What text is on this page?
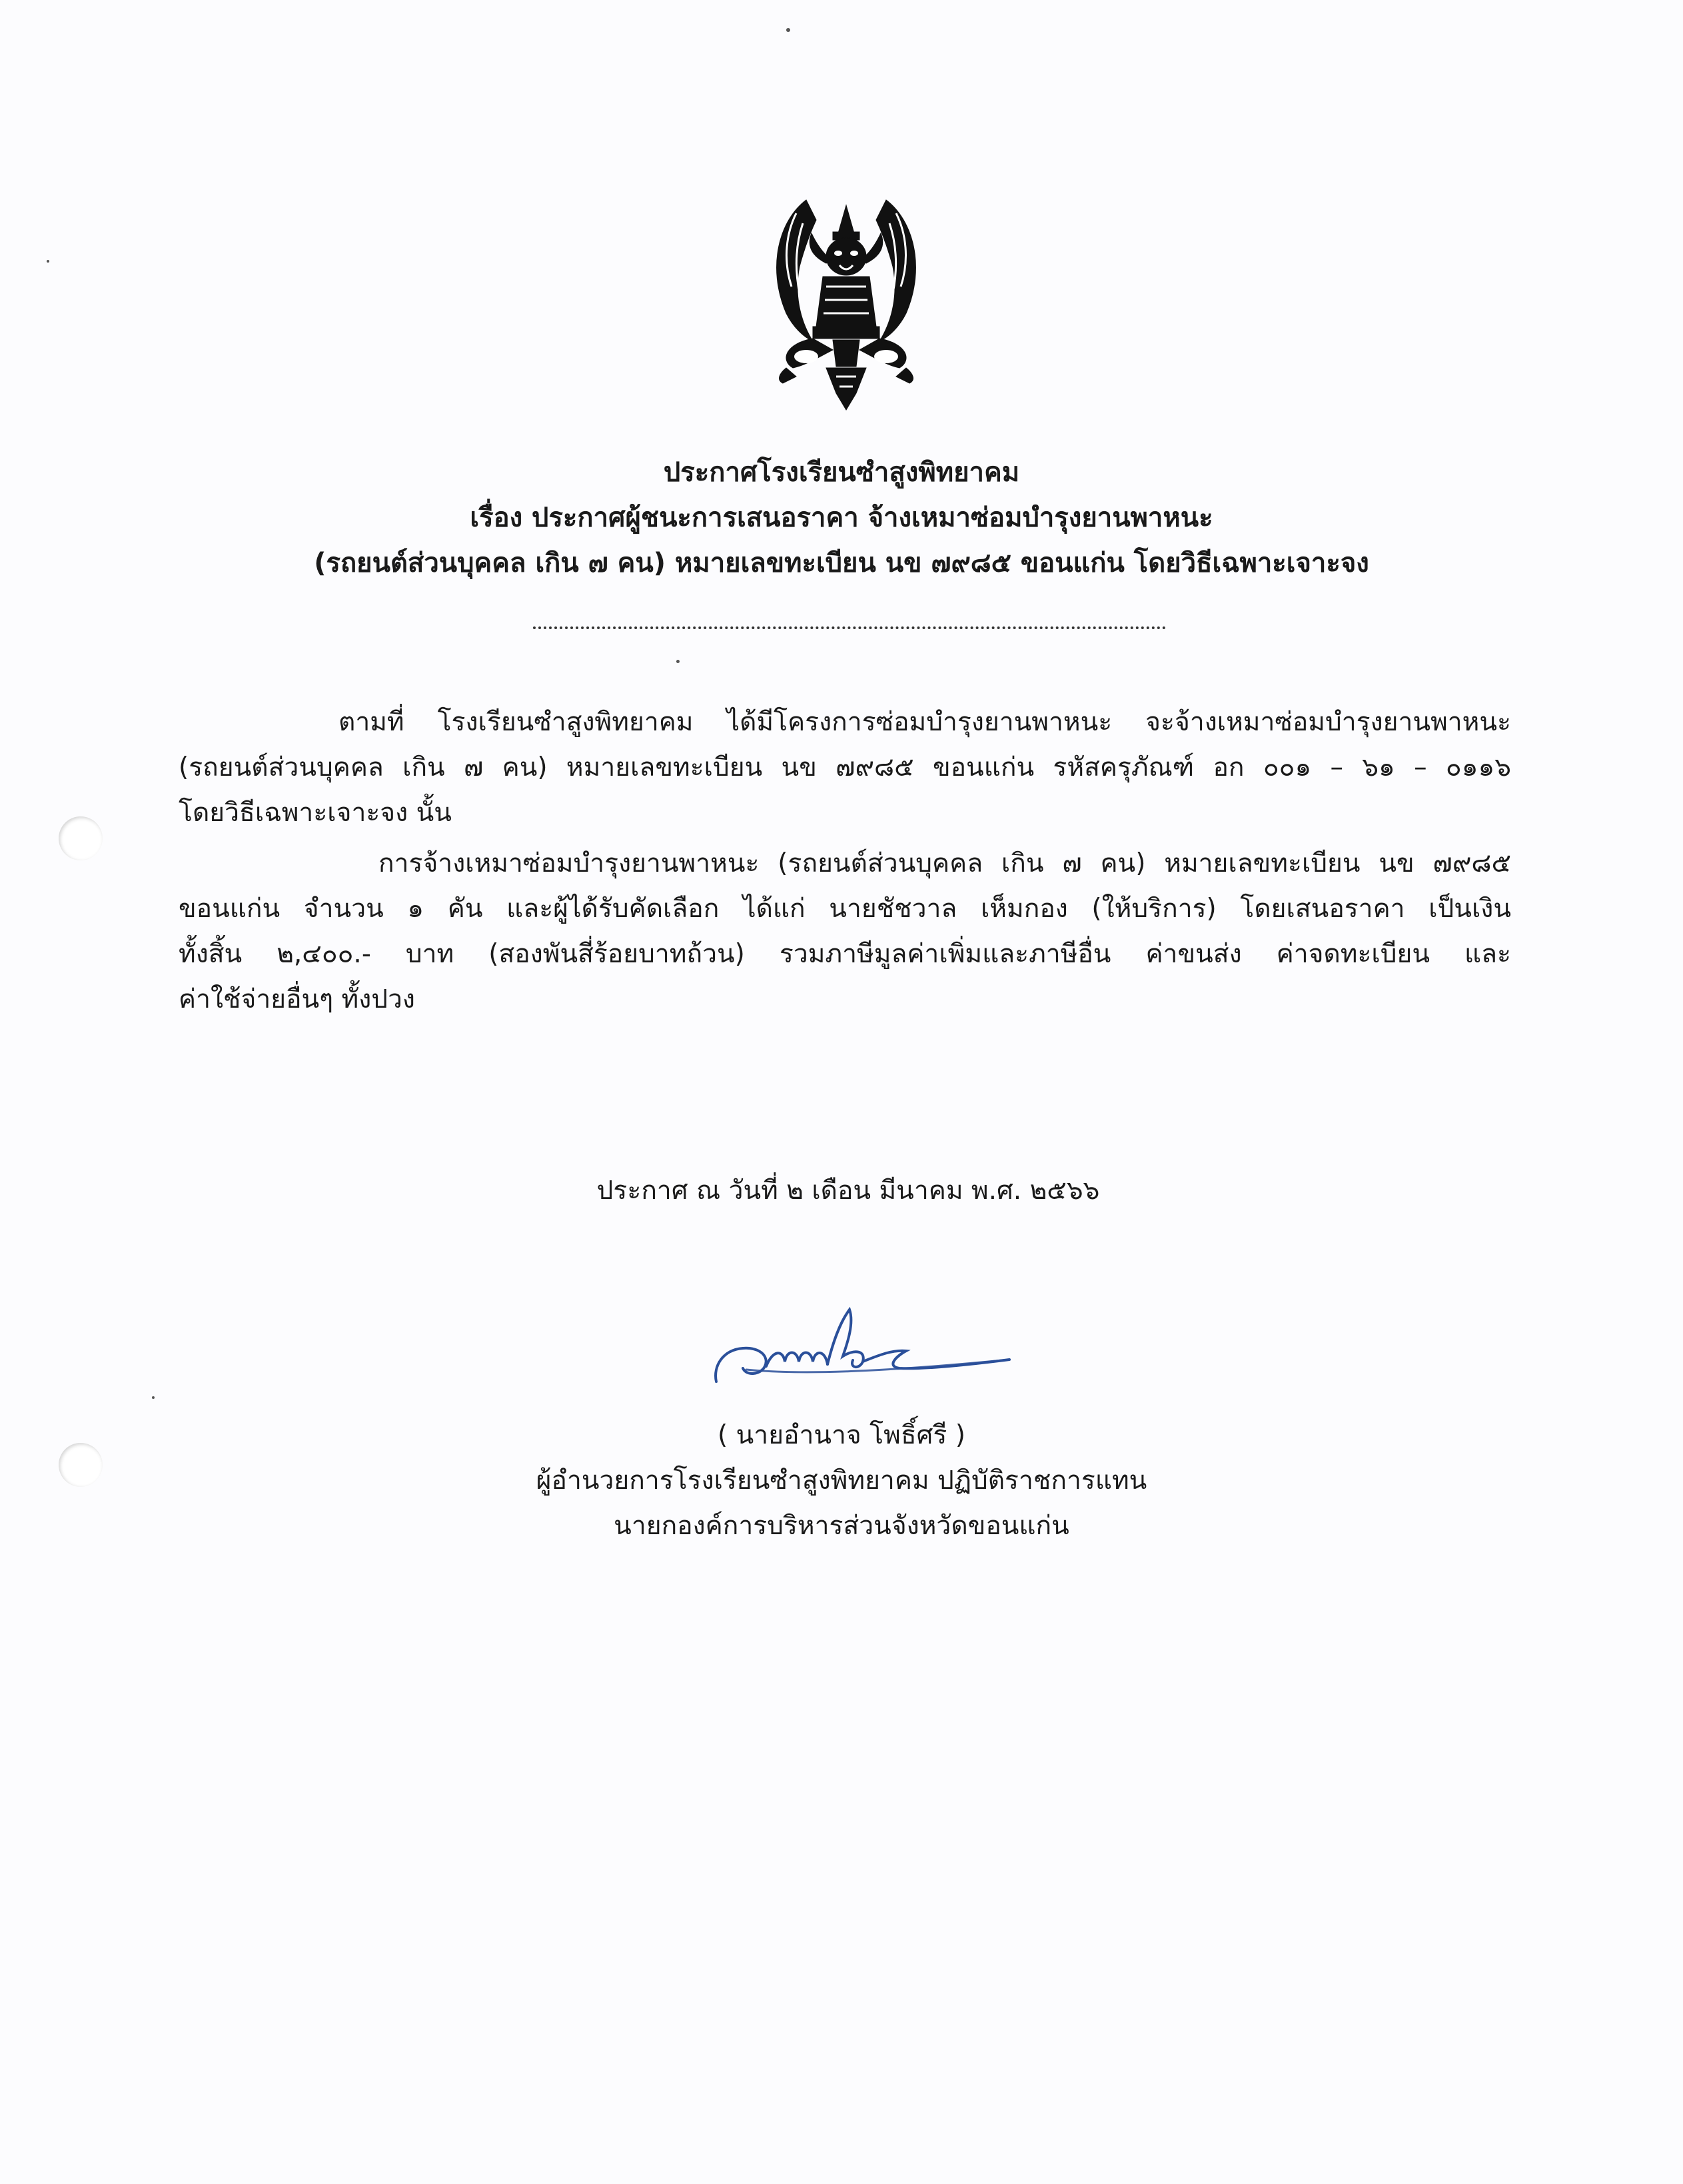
ประกาศโรงเรียนซำสูงพิทยาคม
เรื่อง ประกาศผู้ชนะการเสนอราคา จ้างเหมาซ่อมบำรุงยานพาหนะ
(รถยนต์ส่วนบุคคล เกิน ๗ คน) หมายเลขทะเบียน นข ๗๙๘๕ ขอนแก่น โดยวิธีเฉพาะเจาะจง
ตามที่ โรงเรียนซำสูงพิทยาคม ได้มีโครงการซ่อมบำรุงยานพาหนะ จะจ้างเหมาซ่อมบำรุงยานพาหนะ
(รถยนต์ส่วนบุคคล เกิน ๗ คน) หมายเลขทะเบียน นข ๗๙๘๕ ขอนแก่น รหัสครุภัณฑ์ อก ๐๐๑ – ๖๑ – ๐๑๑๖
โดยวิธีเฉพาะเจาะจง นั้น
การจ้างเหมาซ่อมบำรุงยานพาหนะ (รถยนต์ส่วนบุคคล เกิน ๗ คน) หมายเลขทะเบียน นข ๗๙๘๕
ขอนแก่น จำนวน ๑ คัน และผู้ได้รับคัดเลือก ได้แก่ นายชัชวาล เห็มกอง (ให้บริการ) โดยเสนอราคา เป็นเงิน
ทั้งสิ้น ๒,๔๐๐.- บาท (สองพันสี่ร้อยบาทถ้วน) รวมภาษีมูลค่าเพิ่มและภาษีอื่น ค่าขนส่ง ค่าจดทะเบียน และ
ค่าใช้จ่ายอื่นๆ ทั้งปวง
ประกาศ ณ วันที่ ๒ เดือน มีนาคม พ.ศ. ๒๕๖๖
( นายอำนาจ โพธิ์ศรี )
ผู้อำนวยการโรงเรียนซำสูงพิทยาคม ปฏิบัติราชการแทน
นายกองค์การบริหารส่วนจังหวัดขอนแก่น
